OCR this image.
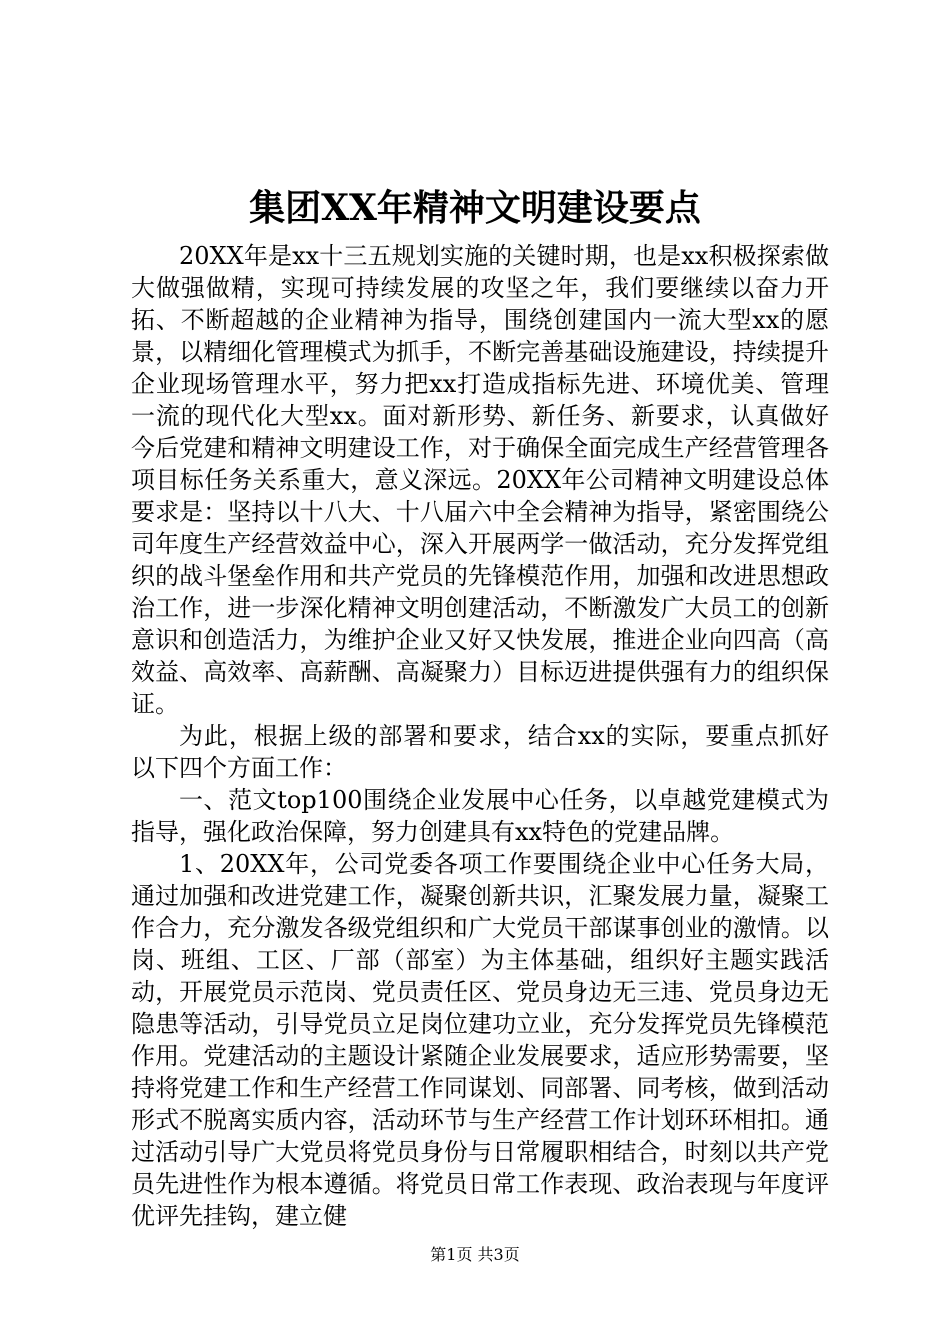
集团XX年精神文明建设要点

20XX年是xx十三五规划实施的关键时期，也是xx积极探索做大做强做精，实现可持续发展的攻坚之年，我们要继续以奋力开拓、不断超越的企业精神为指导，围绕创建国内一流大型xx的愿景，以精细化管理模式为抓手，不断完善基础设施建设，持续提升企业现场管理水平，努力把xx打造成指标先进、环境优美、管理一流的现代化大型xx。面对新形势、新任务、新要求，认真做好今后党建和精神文明建设工作，对于确保全面完成生产经营管理各项目标任务关系重大，意义深远。20XX年公司精神文明建设总体要求是：坚持以十八大、十八届六中全会精神为指导，紧密围绕公司年度生产经营效益中心，深入开展两学一做活动，充分发挥党组织的战斗堡垒作用和共产党员的先锋模范作用，加强和改进思想政治工作，进一步深化精神文明创建活动，不断激发广大员工的创新意识和创造活力，为维护企业又好又快发展，推进企业向四高（高效益、高效率、高薪酬、高凝聚力）目标迈进提供强有力的组织保证。

为此，根据上级的部署和要求，结合xx的实际，要重点抓好以下四个方面工作：

一、范文top100围绕企业发展中心任务，以卓越党建模式为指导，强化政治保障，努力创建具有xx特色的党建品牌。

1、20XX年，公司党委各项工作要围绕企业中心任务大局，通过加强和改进党建工作，凝聚创新共识，汇聚发展力量，凝聚工作合力，充分激发各级党组织和广大党员干部谋事创业的激情。以岗、班组、工区、厂部（部室）为主体基础，组织好主题实践活动，开展党员示范岗、党员责任区、党员身边无三违、党员身边无隐患等活动，引导党员立足岗位建功立业，充分发挥党员先锋模范作用。党建活动的主题设计紧随企业发展要求，适应形势需要，坚持将党建工作和生产经营工作同谋划、同部署、同考核，做到活动形式不脱离实质内容，活动环节与生产经营工作计划环环相扣。通过活动引导广大党员将党员身份与日常履职相结合，时刻以共产党员先进性作为根本遵循。将党员日常工作表现、政治表现与年度评优评先挂钩，建立健

第1页 共3页
